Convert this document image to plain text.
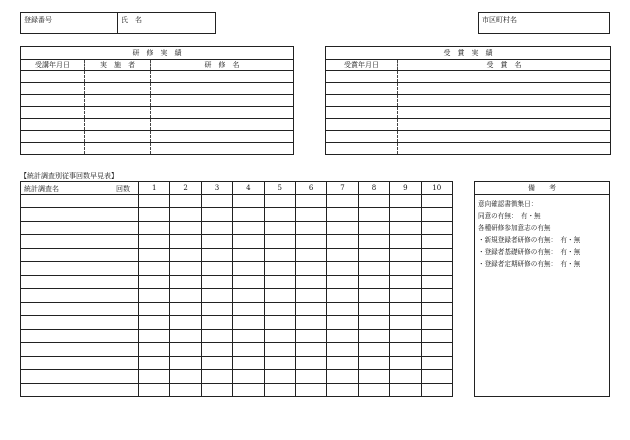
登録番号	氏　名	市区町村名
研　修　実　績		
受講年月日	実　施　者	研　修　名

受　賞　実　績	
受賞年月日	受　賞　名

【統計調査別従事回数早見表】
統計調査名 回数	1	2	3	4	5	6	7	8	9	10

											備　　考
意向確認書徴集日：
同意の有無：　有・無
各種研修参加意志の有無
・新規登録者研修の有無：　有・無
・登録者基礎研修の有無：　有・無
・登録者定期研修の有無：　有・無
